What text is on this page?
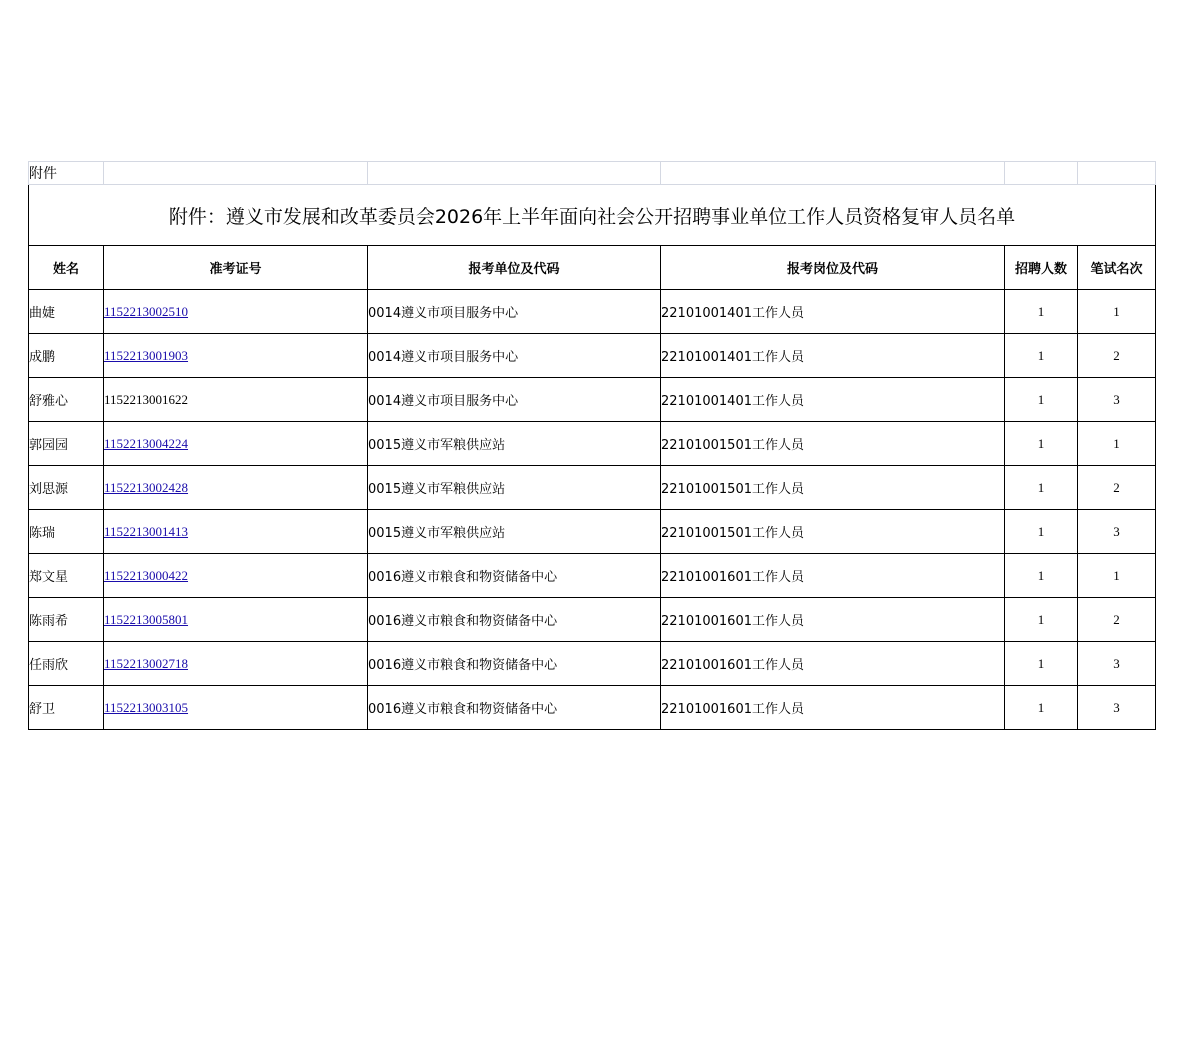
附件					
附件：遵义市发展和改革委员会2026年上半年面向社会公开招聘事业单位工作人员资格复审人员名单					
姓名	准考证号	报考单位及代码	报考岗位及代码	招聘人数	笔试名次
曲婕	1152213002510	0014遵义市项目服务中心	22101001401工作人员	1	1
成鹏	1152213001903	0014遵义市项目服务中心	22101001401工作人员	1	2
舒雅心	1152213001622	0014遵义市项目服务中心	22101001401工作人员	1	3
郭园园	1152213004224	0015遵义市军粮供应站	22101001501工作人员	1	1
刘思源	1152213002428	0015遵义市军粮供应站	22101001501工作人员	1	2
陈瑞	1152213001413	0015遵义市军粮供应站	22101001501工作人员	1	3
郑文星	1152213000422	0016遵义市粮食和物资储备中心	22101001601工作人员	1	1
陈雨希	1152213005801	0016遵义市粮食和物资储备中心	22101001601工作人员	1	2
任雨欣	1152213002718	0016遵义市粮食和物资储备中心	22101001601工作人员	1	3
舒卫	1152213003105	0016遵义市粮食和物资储备中心	22101001601工作人员	1	3
